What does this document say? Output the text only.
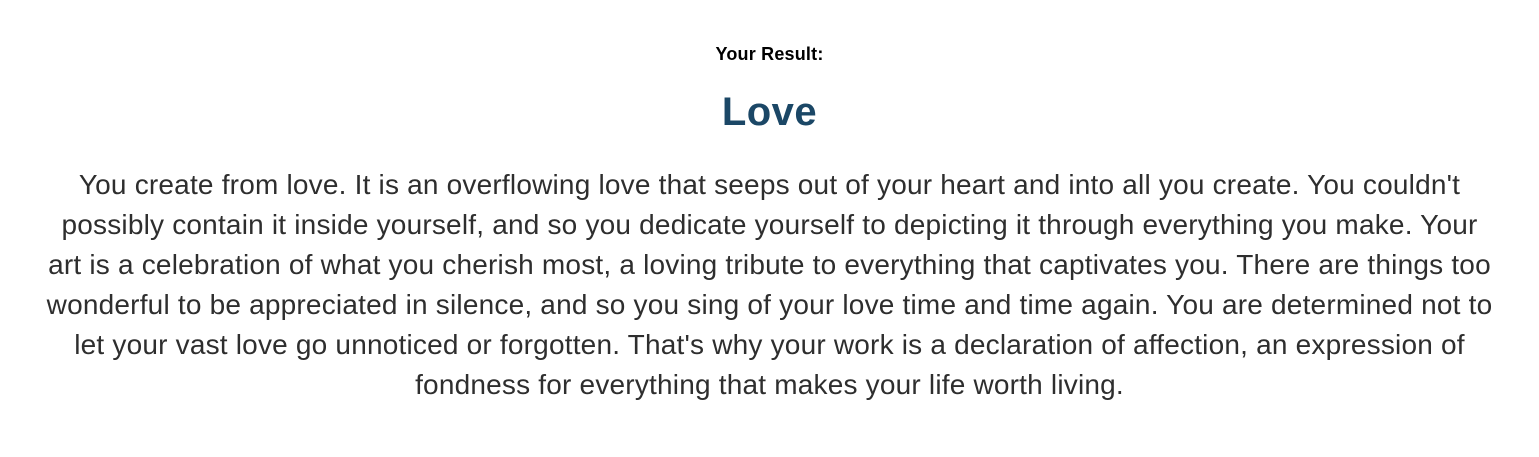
Your Result:
Love

You create from love. It is an overflowing love that seeps out of your heart and into all you create. You couldn't possibly contain it inside yourself, and so you dedicate yourself to depicting it through everything you make. Your art is a celebration of what you cherish most, a loving tribute to everything that captivates you. There are things too wonderful to be appreciated in silence, and so you sing of your love time and time again. You are determined not to let your vast love go unnoticed or forgotten. That's why your work is a declaration of affection, an expression of fondness for everything that makes your life worth living.
